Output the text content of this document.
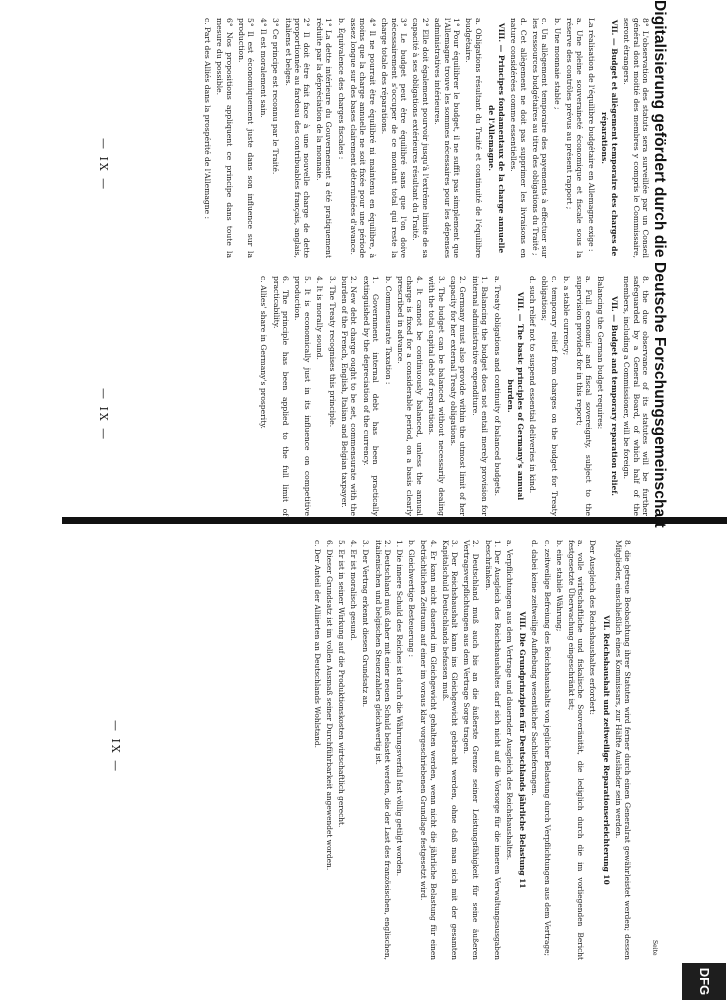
— IX —
— IX —

8° L'observation des statuts sera surveillée par un Conseil général dont moitié des membres y compris le Commissaire, seront étrangers.

VII. — Budget et allègement temporaire des charges de réparations.

La réalisation de l'équilibre budgétaire en Allemagne exige :

a. Une pleine souveraineté économique et fiscale sous la réserve des contrôles prévus au présent rapport ;

b. Une monnaie stable ;

c. Un allègement temporaire des payements à effectuer sur les ressources budgétaires au titre des obligations du Traité ;

d. Cet allègement ne doit pas supprimer les livraisons en nature considérées comme essentielles.

VIII. — Principes fondamentaux de la charge annuelle de l'Allemagne.

a. Obligations résultant du Traité et continuité de l'équilibre budgétaire.

1° Pour équilibrer le budget, il ne suffit pas simplement que l'Allemagne trouve les sommes nécessaires pour les dépenses administratives intérieures.

2° Elle doit également pourvoir jusqu'à l'extrême limite de sa capacité à ses obligations extérieures résultant du Traité.

3° Le budget peut être équilibré sans que l'on doive nécessairement s'occuper de ce montant total qui reste la charge totale des réparations.

4° Il ne pourrait être équilibré ni maintenu en équilibre, à moins que la charge annuelle ne soit fixée pour une période assez longue sur des bases clairement déterminées d'avance.

b. Équivalence des charges fiscales :

1° La dette intérieure du Gouvernement a été pratiquement réduite par la dépréciation de la monnaie.

2° Il doit être fait face à une nouvelle charge de dette proportionnée au fardeau des contribuables français, anglais, italiens et belges.

3° Ce principe est reconnu par le Traité.

4° Il est moralement sain.

5° Il est économiquement juste dans son influence sur la production.

6° Nos propositions appliquent ce principe dans toute la mesure du possible.

c. Part des Alliés dans la prospérité de l'Allemagne :

8. the due observance of its statutes will be further safeguarded by a General Board, of which half of the members, including a Commissioner, will be foreign.

VII. — Budget and temporary reparation relief.

Balancing the German budget requires:

a. Full economic and fiscal sovereignty, subject to the supervision provided for in this report;

b. a stable currency;

c. temporary relief from charges on the budget for Treaty obligations;

d. such relief not to suspend essential deliveries in kind.

VIII. — The basic principles of Germany's annual burden.

a. Treaty obligations and continuity of balanced budgets.

1. Balancing the budget does not entail merely provision for internal administrative expenditure.

2. Germany must also provide within the utmost limit of her capacity for her external Treaty obligations.

3. The budget can be balanced without necessarily dealing with the total capital debt of reparations.

4. It cannot be continuously balanced, unless the annual charge is fixed for a considerable period, on a basis clearly prescribed in advance.

b. Commensurate Taxation :

1. Government internal debt has been practically extinguished by the depreciation of the currency.

2. New debt charge ought to be set, commensurate with the burden of the French, English, Italian and Belgian taxpayer.

3. The Treaty recognises this principle.

4. It is morally sound.

5. It is economically just in its influence on competitive production.

6. The principle has been applied to the full limit of practicability.

c. Allies' share in Germany's prosperity.

— IX —	8. die getreue Beobachtung ihrer Statuten wird ferner durch einen Generalrat gewährleistet werden; dessen Mitglieder, einschließlich eines Kommissars, zur Hälfte Ausländer sein werden.

VII. Reichshaushalt und zeitweilige Reparationserleichterung 10

Der Ausgleich des Reichshaushaltes erfordert:

a. volle wirtschaftliche und fiskalische Souveränität, die lediglich durch die im vorliegenden Bericht festgesetzte Überwachung eingeschränkt ist;

b. eine stabile Währung;

c. zeitweilige Befreiung des Reichshaushalts von jeglicher Belastung durch Verpflichtungen aus dem Vertrage;

d. dabei keine zeitweilige Aufhebung wesentlicher Sachlieferungen.

VIII. Die Grundprinzipien für Deutschlands jährliche Belastung 11

a. Verpflichtungen aus dem Vertrage und dauernder Ausgleich des Reichshaushaltes.

1. Der Ausgleich des Reichshaushaltes darf sich nicht auf die Vorsorge für die inneren Verwaltungsausgaben beschränken.

2. Deutschland muß auch bis an die äußerste Grenze seiner Leistungsfähigkeit für seine äußeren Vertragsverpflichtungen aus dem Vertrage Sorge tragen.

3. Der Reichshaushalt kann ins Gleichgewicht gebracht werden, ohne daß man sich mit der gesamten Kapitalschuld Deutschlands befassen muß.

4. Er kann nicht dauernd im Gleichgewicht gehalten werden, wenn nicht die jährliche Belastung für einen beträchtlichen Zeitraum auf einer im voraus klar vorgeschriebenen Grundlage festgesetzt wird.

b. Gleichwertige Besteuerung :

1. Die innere Schuld des Reiches ist durch die Währungsverfall fast völlig getilgt worden.

2. Deutschland muß daher mit einer neuen Schuld belastet werden, die der Last des französischen, englischen, italienischen und belgischen Steuerzahlers gleichwertig ist.

3. Der Vertrag erkennt diesen Grundsatz an.

4. Er ist moralisch gesund.

5. Er ist in seiner Wirkung auf die Produktionskosten wirtschaftlich gerecht.

6. Dieser Grundsatz ist im vollen Ausmaß seiner Durchführbarkeit angewendet worden.

c. Der Anteil der Alliierten an Deutschlands Wohlstand.

Seite
Digitalisierung gefördert durch die Deutsche Forschungsgemeinschaft
DFG
